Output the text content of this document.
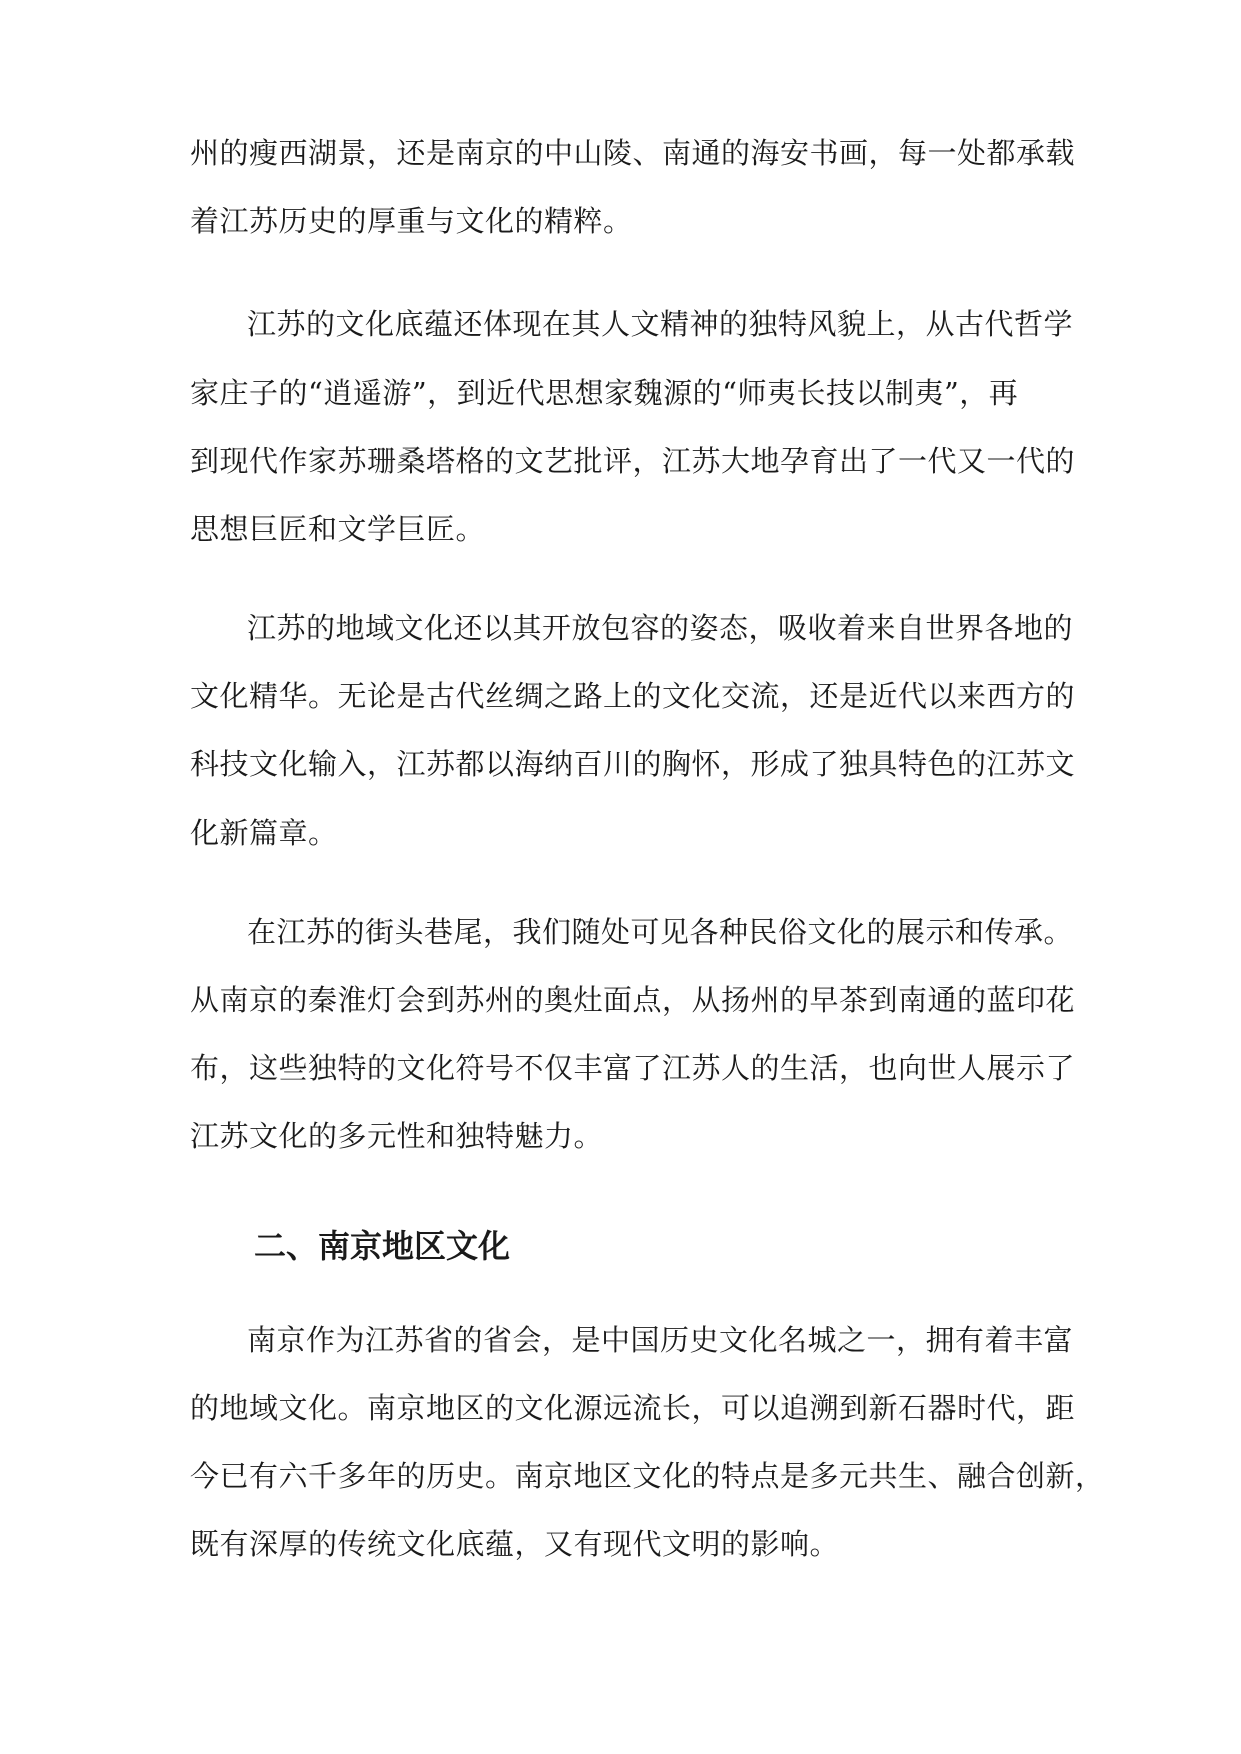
州的瘦西湖景，还是南京的中山陵、南通的海安书画，每一处都承载
着江苏历史的厚重与文化的精粹。
江苏的文化底蕴还体现在其人文精神的独特风貌上，从古代哲学
家庄子的“逍遥游”，到近代思想家魏源的“师夷长技以制夷”，再
到现代作家苏珊桑塔格的文艺批评，江苏大地孕育出了一代又一代的
思想巨匠和文学巨匠。
江苏的地域文化还以其开放包容的姿态，吸收着来自世界各地的
文化精华。无论是古代丝绸之路上的文化交流，还是近代以来西方的
科技文化输入，江苏都以海纳百川的胸怀，形成了独具特色的江苏文
化新篇章。
在江苏的街头巷尾，我们随处可见各种民俗文化的展示和传承。
从南京的秦淮灯会到苏州的奥灶面点，从扬州的早茶到南通的蓝印花
布，这些独特的文化符号不仅丰富了江苏人的生活，也向世人展示了
江苏文化的多元性和独特魅力。
二、南京地区文化
南京作为江苏省的省会，是中国历史文化名城之一，拥有着丰富
的地域文化。南京地区的文化源远流长，可以追溯到新石器时代，距
今已有六千多年的历史。南京地区文化的特点是多元共生、融合创新，
既有深厚的传统文化底蕴，又有现代文明的影响。
